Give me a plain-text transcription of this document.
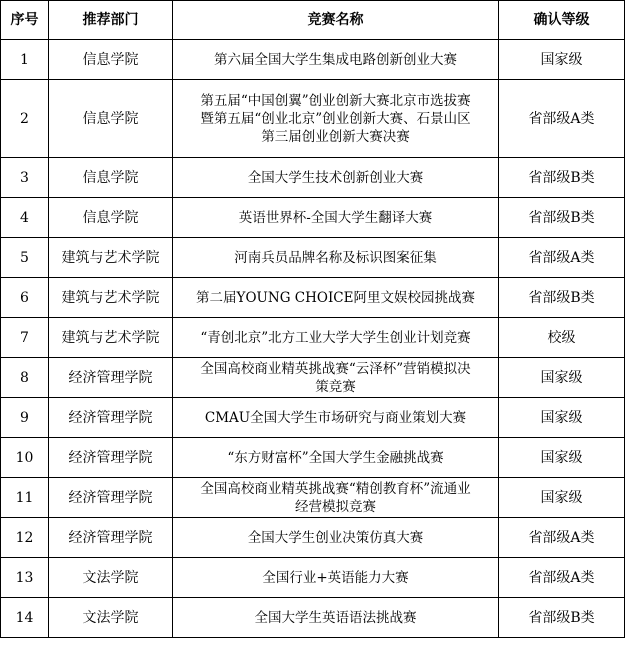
序号	推荐部门	竞赛名称	确认等级
1	信息学院	第六届全国大学生集成电路创新创业大赛	国家级
2	信息学院	第五届“中国创翼”创业创新大赛北京市选拔赛
暨第五届“创业北京”创业创新大赛、石景山区
第三届创业创新大赛决赛	省部级A类
3	信息学院	全国大学生技术创新创业大赛	省部级B类
4	信息学院	英语世界杯-全国大学生翻译大赛	省部级B类
5	建筑与艺术学院	河南兵员品牌名称及标识图案征集	省部级A类
6	建筑与艺术学院	第二届YOUNG CHOICE阿里文娱校园挑战赛	省部级B类
7	建筑与艺术学院	“青创北京”北方工业大学大学生创业计划竞赛	校级
8	经济管理学院	全国高校商业精英挑战赛“云泽杯”营销模拟决
策竞赛	国家级
9	经济管理学院	CMAU全国大学生市场研究与商业策划大赛	国家级
10	经济管理学院	“东方财富杯”全国大学生金融挑战赛	国家级
11	经济管理学院	全国高校商业精英挑战赛“精创教育杯”流通业
经营模拟竞赛	国家级
12	经济管理学院	全国大学生创业决策仿真大赛	省部级A类
13	文法学院	全国行业+英语能力大赛	省部级A类
14	文法学院	全国大学生英语语法挑战赛	省部级B类
